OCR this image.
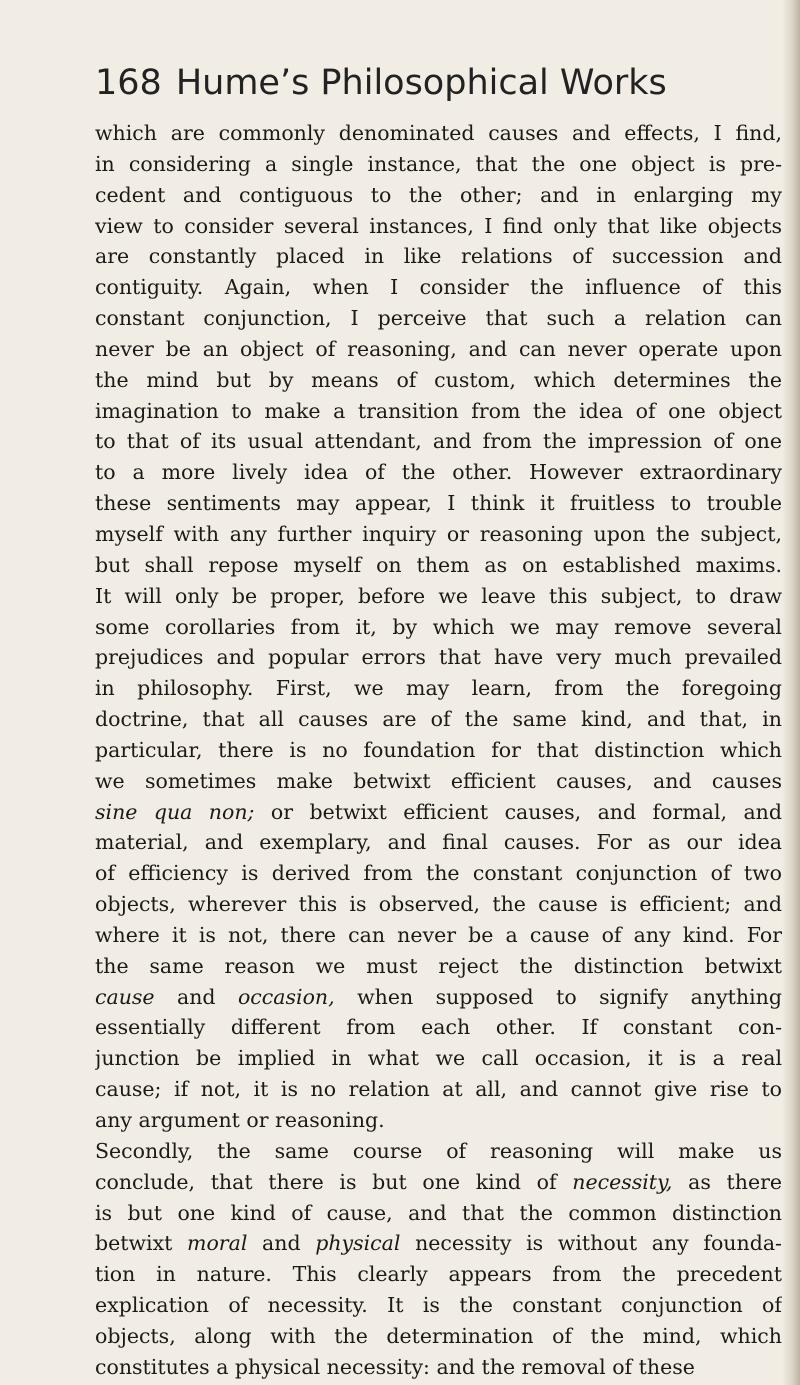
168 Hume’s Philosophical Works
which are commonly denominated causes and effects, I find,
in considering a single instance, that the one object is pre-
cedent and contiguous to the other; and in enlarging my
view to consider several instances, I find only that like objects
are constantly placed in like relations of succession and
contiguity. Again, when I consider the influence of this
constant conjunction, I perceive that such a relation can
never be an object of reasoning, and can never operate upon
the mind but by means of custom, which determines the
imagination to make a transition from the idea of one object
to that of its usual attendant, and from the impression of one
to a more lively idea of the other. However extraordinary
these sentiments may appear, I think it fruitless to trouble
myself with any further inquiry or reasoning upon the subject,
but shall repose myself on them as on established maxims.
It will only be proper, before we leave this subject, to draw
some corollaries from it, by which we may remove several
prejudices and popular errors that have very much prevailed
in philosophy. First, we may learn, from the foregoing
doctrine, that all causes are of the same kind, and that, in
particular, there is no foundation for that distinction which
we sometimes make betwixt efficient causes, and causes
sine qua non; or betwixt efficient causes, and formal, and
material, and exemplary, and final causes. For as our idea
of efficiency is derived from the constant conjunction of two
objects, wherever this is observed, the cause is efficient; and
where it is not, there can never be a cause of any kind. For
the same reason we must reject the distinction betwixt
cause and occasion, when supposed to signify anything
essentially different from each other. If constant con-
junction be implied in what we call occasion, it is a real
cause; if not, it is no relation at all, and cannot give rise to
any argument or reasoning.
Secondly, the same course of reasoning will make us
conclude, that there is but one kind of necessity, as there
is but one kind of cause, and that the common distinction
betwixt moral and physical necessity is without any founda-
tion in nature. This clearly appears from the precedent
explication of necessity. It is the constant conjunction of
objects, along with the determination of the mind, which
constitutes a physical necessity: and the removal of these
